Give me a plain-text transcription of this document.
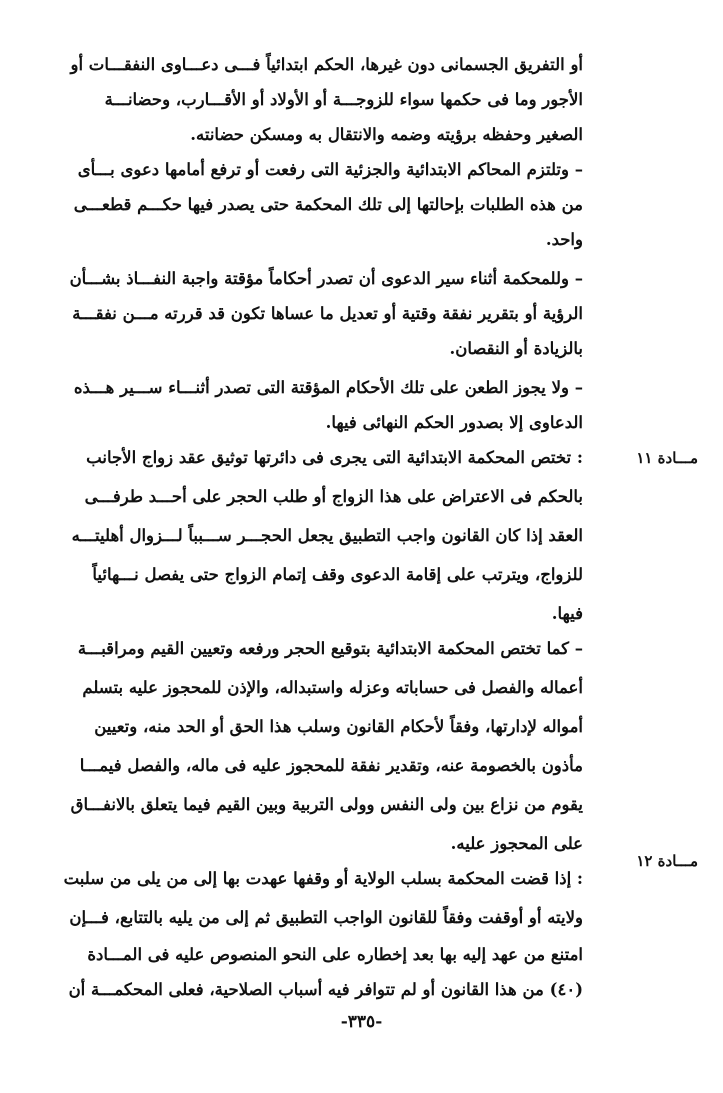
أو التفريق الجسمانى دون غيرها، الحكم ابتدائياً فـــى دعـــاوى النفقـــات أو
الأجور وما فى حكمها سواء للزوجـــة أو الأولاد أو الأقـــارب، وحضانـــة
الصغير وحفظه برؤيته وضمه والانتقال به ومسكن حضانته.
– وتلتزم المحاكم الابتدائية والجزئية التى رفعت أو ترفع أمامها دعوى بـــأى
من هذه الطلبات بإحالتها إلى تلك المحكمة حتى يصدر فيها حكـــم قطعـــى
واحد.
– وللمحكمة أثناء سير الدعوى أن تصدر أحكاماً مؤقتة واجبة النفـــاذ بشـــأن
الرؤية أو بتقرير نفقة وقتية أو تعديل ما عساها تكون قد قررته مـــن نفقـــة
بالزيادة أو النقصان.
– ولا يجوز الطعن على تلك الأحكام المؤقتة التى تصدر أثنـــاء ســـير هـــذه
الدعاوى إلا بصدور الحكم النهائى فيها.
مـــادة ١١
: تختص المحكمة الابتدائية التى يجرى فى دائرتها توثيق عقد زواج الأجانب
بالحكم فى الاعتراض على هذا الزواج أو طلب الحجر على أحـــد طرفـــى
العقد إذا كان القانون واجب التطبيق يجعل الحجـــر ســـبباً لـــزوال أهليتـــه
للزواج، ويترتب على إقامة الدعوى وقف إتمام الزواج حتى يفصل نـــهائياً
فيها.
– كما تختص المحكمة الابتدائية بتوقيع الحجر ورفعه وتعيين القيم ومراقبـــة
أعماله والفصل فى حساباته وعزله واستبداله، والإذن للمحجوز عليه بتسلم
أمواله لإدارتها، وفقاً لأحكام القانون وسلب هذا الحق أو الحد منه، وتعيين
مأذون بالخصومة عنه، وتقدير نفقة للمحجوز عليه فى ماله، والفصل فيمـــا
يقوم من نزاع بين ولى النفس وولى التربية وبين القيم فيما يتعلق بالانفـــاق
على المحجوز عليه.
مـــادة ١٢
: إذا قضت المحكمة بسلب الولاية أو وقفها عهدت بها إلى من يلى من سلبت
ولايته أو أوقفت وفقاً للقانون الواجب التطبيق ثم إلى من يليه بالتتابع، فـــإن
امتنع من عهد إليه بها بعد إخطاره على النحو المنصوص عليه فى المـــادة
(٤٠) من هذا القانون أو لم تتوافر فيه أسباب الصلاحية، فعلى المحكمـــة أن
-٣٣٥-
